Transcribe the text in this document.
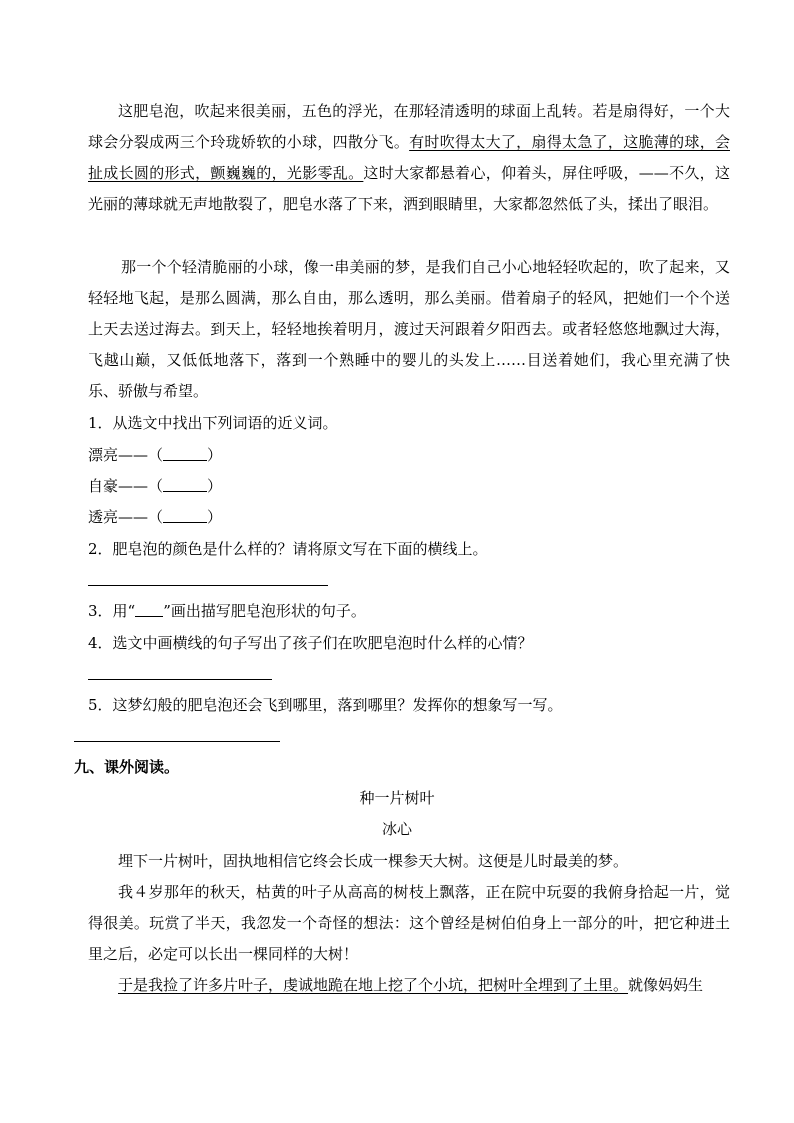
这肥皂泡，吹起来很美丽，五色的浮光，在那轻清透明的球面上乱转。若是扇得好，一个大球会分裂成两三个玲珑娇软的小球，四散分飞。有时吹得太大了，扇得太急了，这脆薄的球，会扯成长圆的形式，颤巍巍的，光影零乱。这时大家都悬着心，仰着头，屏住呼吸，——不久，这光丽的薄球就无声地散裂了，肥皂水落了下来，洒到眼睛里，大家都忽然低了头，揉出了眼泪。

那一个个轻清脆丽的小球，像一串美丽的梦，是我们自己小心地轻轻吹起的，吹了起来，又轻轻地飞起，是那么圆满，那么自由，那么透明，那么美丽。借着扇子的轻风，把她们一个个送上天去送过海去。到天上，轻轻地挨着明月，渡过天河跟着夕阳西去。或者轻悠悠地飘过大海，飞越山巅，又低低地落下，落到一个熟睡中的婴儿的头发上……目送着她们，我心里充满了快乐、骄傲与希望。

1．从选文中找出下列词语的近义词。
漂亮——（	）
自豪——（	）
透亮——（	）
2．肥皂泡的颜色是什么样的？请将原文写在下面的横线上。
3．用“ ”画出描写肥皂泡形状的句子。
4．选文中画横线的句子写出了孩子们在吹肥皂泡时什么样的心情？
5．这梦幻般的肥皂泡还会飞到哪里，落到哪里？发挥你的想象写一写。
九、课外阅读。
种一片树叶
冰心

埋下一片树叶，固执地相信它终会长成一棵参天大树。这便是儿时最美的梦。

我４岁那年的秋天，枯黄的叶子从高高的树枝上飘落，正在院中玩耍的我俯身拾起一片，觉得很美。玩赏了半天，我忽发一个奇怪的想法：这个曾经是树伯伯身上一部分的叶，把它种进土里之后，必定可以长出一棵同样的大树！

于是我捡了许多片叶子，虔诚地跪在地上挖了个小坑，把树叶全埋到了土里。就像妈妈生
